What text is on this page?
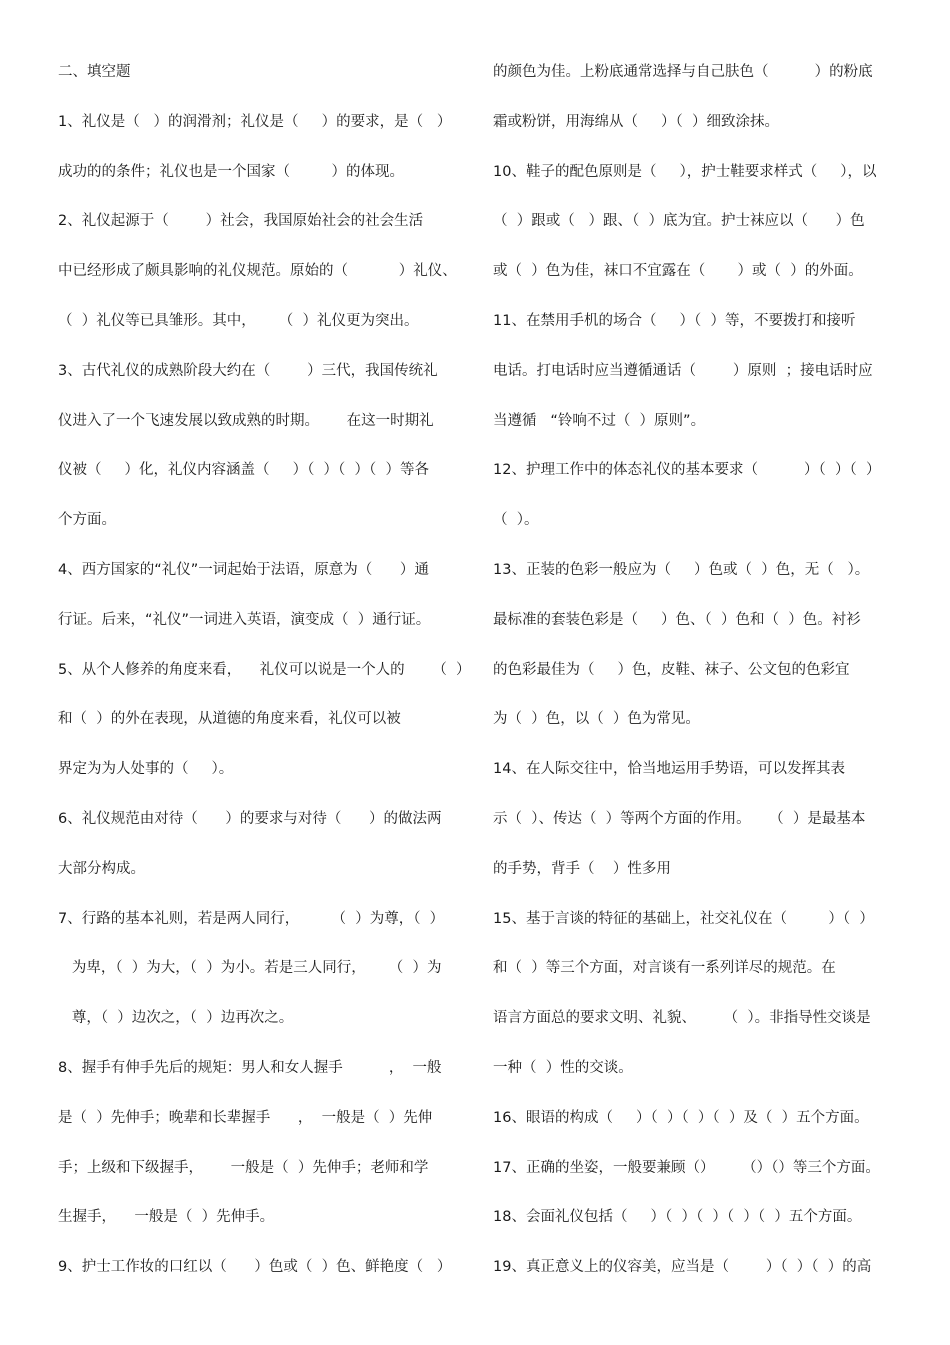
二、填空题
1、礼仪是（   ）的润滑剂；礼仪是（     ）的要求，是（   ）
成功的的条件；礼仪也是一个国家（         ）的体现。
2、礼仪起源于（        ）社会，我国原始社会的社会生活
中已经形成了颇具影响的礼仪规范。原始的（           ）礼仪、
（  ）礼仪等已具雏形。其中，     （  ）礼仪更为突出。
3、古代礼仪的成熟阶段大约在（        ）三代，我国传统礼
仪进入了一个飞速发展以致成熟的时期。      在这一时期礼
仪被（     ）化，礼仪内容涵盖（     ）（  ）（  ）（  ）等各
个方面。
4、西方国家的“礼仪”一词起始于法语，原意为（      ）通
行证。后来，“礼仪”一词进入英语，演变成（  ）通行证。
5、从个人修养的角度来看，    礼仪可以说是一个人的      （  ）
和（  ）的外在表现，从道德的角度来看，礼仪可以被
界定为为人处事的（     ）。
6、礼仪规范由对待（      ）的要求与对待（      ）的做法两
大部分构成。
7、行路的基本礼则，若是两人同行，       （  ）为尊，（  ）
为卑，（  ）为大，（  ）为小。若是三人同行，     （  ）为
尊，（  ）边次之，（  ）边再次之。
8、握手有伸手先后的规矩：男人和女人握手          ，  一般
是（  ）先伸手；晚辈和长辈握手      ，  一般是（  ）先伸
手；上级和下级握手，      一般是（  ）先伸手；老师和学
生握手，    一般是（  ）先伸手。
9、护士工作妆的口红以（      ）色或（  ）色、鲜艳度（   ）
的颜色为佳。上粉底通常选择与自己肤色（          ）的粉底
霜或粉饼，用海绵从（     ）（  ）细致涂抹。
10、鞋子的配色原则是（     ），护士鞋要求样式（     ），以
（  ）跟或（   ）跟、（  ）底为宜。护士袜应以（      ）色
或（  ）色为佳，袜口不宜露在（       ）或（  ）的外面。
11、在禁用手机的场合（     ）（  ）等，不要拨打和接听
电话。打电话时应当遵循通话（        ）原则  ；接电话时应
当遵循   “铃响不过（  ）原则”。
12、护理工作中的体态礼仪的基本要求（          ）（  ）（  ）
（  ）。
13、正装的色彩一般应为（     ）色或（  ）色，无（   ）。
最标准的套装色彩是（     ）色、（  ）色和（  ）色。衬衫
的色彩最佳为（     ）色，皮鞋、袜子、公文包的色彩宜
为（  ）色，以（  ）色为常见。
14、在人际交往中，恰当地运用手势语，可以发挥其表
示（  ）、传达（  ）等两个方面的作用。    （  ）是最基本
的手势，背手（    ）性多用
15、基于言谈的特征的基础上，社交礼仪在（         ）（  ）
和（  ）等三个方面，对言谈有一系列详尽的规范。在
语言方面总的要求文明、礼貌、      （  ）。非指导性交谈是
一种（  ）性的交谈。
16、眼语的构成（     ）（  ）（  ）（  ）及（  ）五个方面。
17、正确的坐姿，一般要兼顾（）      （）（）等三个方面。
18、会面礼仪包括（     ）（  ）（  ）（  ）（  ）五个方面。
19、真正意义上的仪容美，应当是（        ）（  ）（  ）的高
